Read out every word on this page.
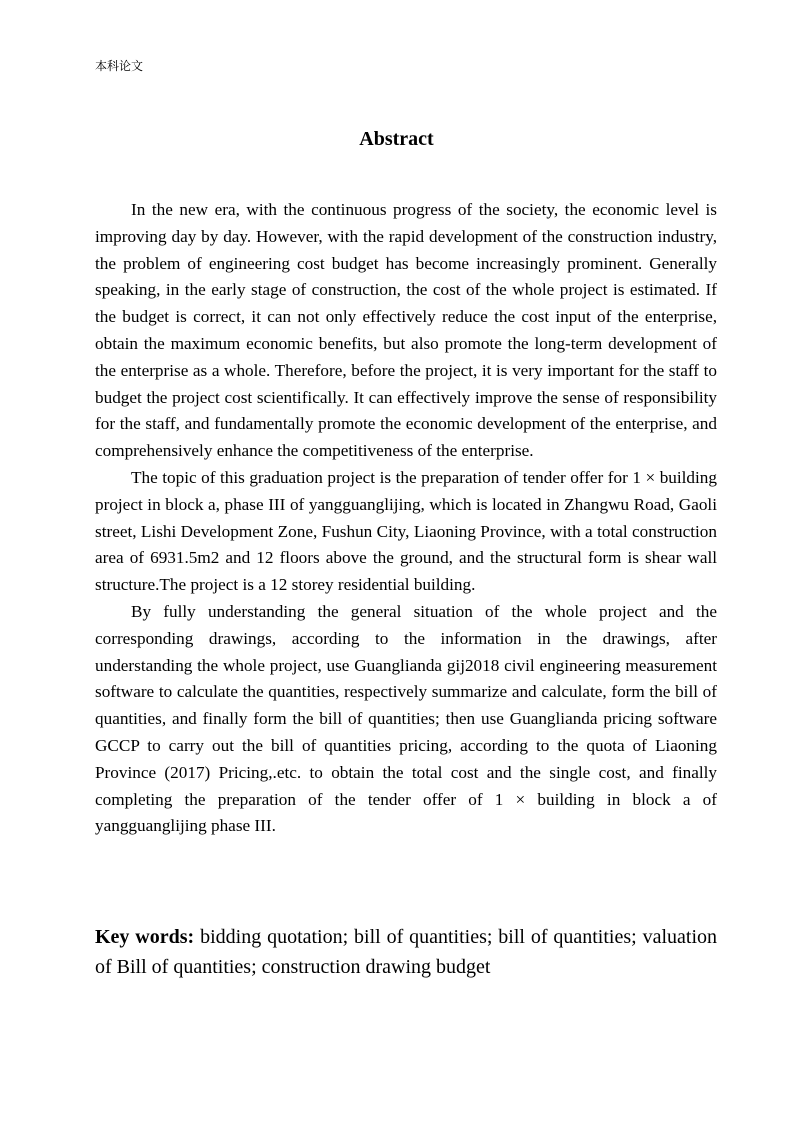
本科论文
Abstract

In the new era, with the continuous progress of the society, the economic level is improving day by day. However, with the rapid development of the construction industry, the problem of engineering cost budget has become increasingly prominent. Generally speaking, in the early stage of construction, the cost of the whole project is estimated. If the budget is correct, it can not only effectively reduce the cost input of the enterprise, obtain the maximum economic benefits, but also promote the long-term development of the enterprise as a whole. Therefore, before the project, it is very important for the staff to budget the project cost scientifically. It can effectively improve the sense of responsibility for the staff, and fundamentally promote the economic development of the enterprise, and comprehensively enhance the competitiveness of the enterprise.

The topic of this graduation project is the preparation of tender offer for 1 × building project in block a, phase III of yangguanglijing, which is located in Zhangwu Road, Gaoli street, Lishi Development Zone, Fushun City, Liaoning Province, with a total construction area of 6931.5m2 and 12 floors above the ground, and the structural form is shear wall structure.The project is a 12 storey residential building.

By fully understanding the general situation of the whole project and the corresponding drawings, according to the information in the drawings, after understanding the whole project, use Guanglianda gij2018 civil engineering measurement software to calculate the quantities, respectively summarize and calculate, form the bill of quantities, and finally form the bill of quantities; then use Guanglianda pricing software GCCP to carry out the bill of quantities pricing, according to the quota of Liaoning Province (2017) Pricing,.etc. to obtain the total cost and the single cost, and finally completing the preparation of the tender offer of 1 × building in block a of yangguanglijing phase III.

Key words: bidding quotation; bill of quantities; bill of quantities; valuation of Bill of quantities; construction drawing budget
